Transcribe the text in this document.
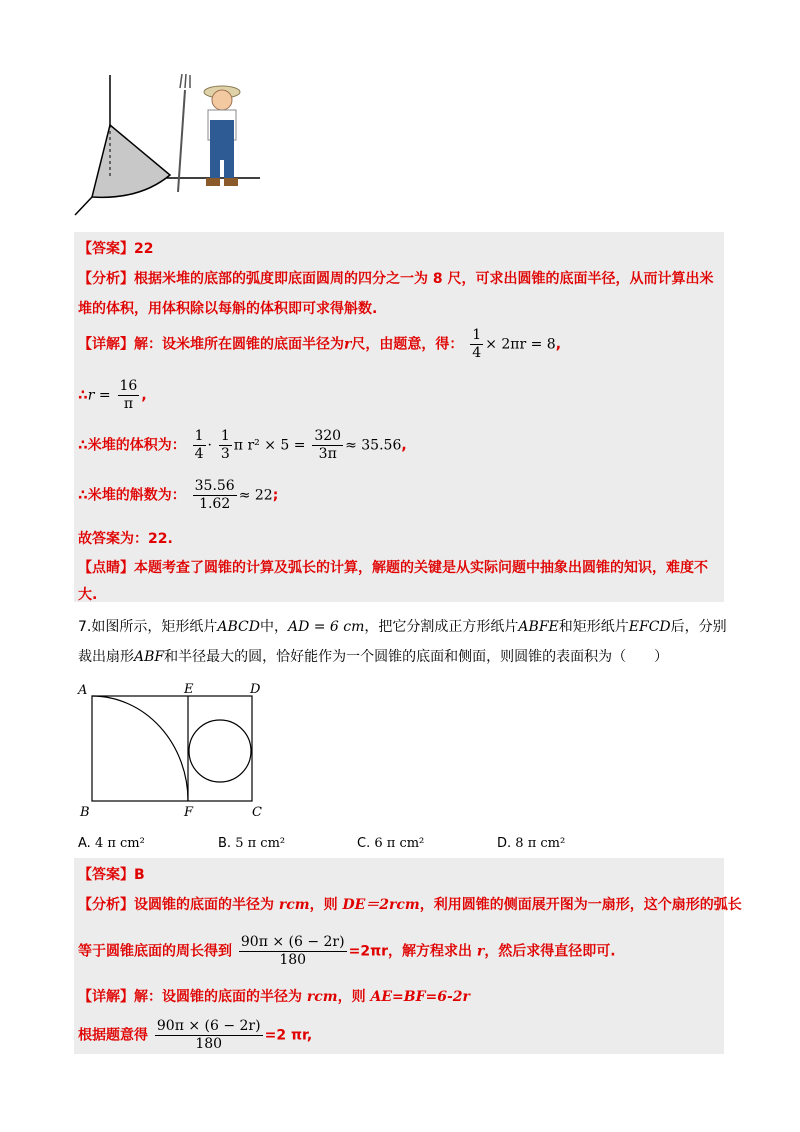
【答案】22
【分析】根据米堆的底部的弧度即底面圆周的四分之一为 8 尺，可求出圆锥的底面半径，从而计算出米
堆的体积，用体积除以每斛的体积即可求得斛数.
【详解】解：设米堆所在圆锥的底面半径为r尺，由题意，得： $\frac{1}{4} \times 2\pi r = 8$,
∴r = $\frac{16}{\pi}$ ,
∴米堆的体积为： $\frac{1}{4} \cdot \frac{1}{3}$ π $r^2 \times 5 = \frac{320}{3\pi} \approx 35.56$,
∴米堆的斛数为： $\frac{35.56}{1.62} \approx 22$;
故答案为：22.
【点睛】本题考查了圆锥的计算及弧长的计算，解题的关键是从实际问题中抽象出圆锥的知识，难度不
大.
7.如图所示，矩形纸片ABCD中，AD = 6 cm，把它分割成正方形纸片ABFE和矩形纸片EFCD后，分别
裁出扇形ABF和半径最大的圆，恰好能作为一个圆锥的底面和侧面，则圆锥的表面积为（　　）
A	E	D
B	F	C
A. 4 π cm²	B. 5 π cm²	C. 6 π cm²	D. 8 π cm²
【答案】B
【分析】设圆锥的底面的半径为 rcm，则 DE＝2rcm，利用圆锥的侧面展开图为一扇形，这个扇形的弧长
等于圆锥底面的周长得到 $\frac{90\pi \times (6 - 2r)}{180} =2\pi r$，解方程求出 r，然后求得直径即可.
【详解】解：设圆锥的底面的半径为 rcm，则 AE=BF=6-2r
根据题意得 $\frac{90\pi \times (6 - 2r)}{180} =2$ πr,
